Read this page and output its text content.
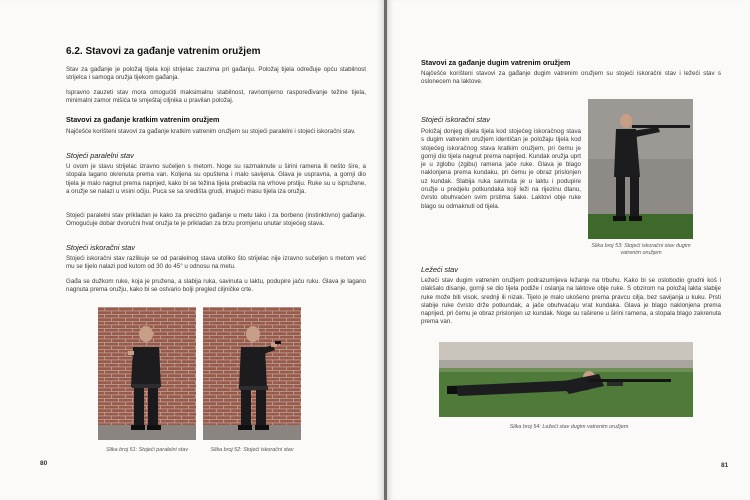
6.2. Stavovi za gađanje vatrenim oružjem
Stav za gađanje je položaj tijela koji strijelac zauzima pri gađanju. Položaj tijela određuje opću stabilnost strijelca i samoga oružja tijekom gađanja.
Ispravno zauzeti stav mora omogućiti maksimalnu stabilnost, ravnomjerno raspoređivanje težine tijela, minimalni zamor mišića te smještaj ciljnika u pravilan položaj.
Stavovi za gađanje kratkim vatrenim oružjem
Najčešće korišteni stavovi za gađanje kratkim vatrenim oružjem su stojeći paralelni i stojeći iskoračni stav.
Stojeći paralelni stav
U ovom je stavu strijelac izravno sučeljen s metom. Noge su razmaknute u širini ramena ili nešto šire, a stopala lagano okrenuta prema van. Koljena su opuštena i malo savijena. Glava je uspravna, a gornji dio tijela je malo nagnut prema naprijed, kako bi se težina tijela prebacila na vrhove prstiju. Ruke su u ispružene, a oružje se nalazi u visini očiju. Puca se sa središta grudi, imajući masu tijela iza oružja.
Stojeći paralelni stav prikladan je kako za precizno gađanje u metu tako i za borbeno (instinktivno) gađanje. Omogućuje dobar dvoručni hvat oružja te je prikladan za brzu promjenu unutar stojećeg stava.
Stojeći iskoračni stav
Stojeći iskoračni stav razlikuje se od paralelnog stava utoliko što strijelac nije izravno sučeljen s metom već mu se tijelo nalazi pod kutom od 30 do 45° u odnosu na metu.
Gađa se dužkom ruke, koja je pružena, a slabija ruka, savinuta u laktu, podupire jaču ruku. Glava je lagano nagnuta prema oružju, kako bi se ostvario bolji pregled ciljničke crte.
Slika broj 51: Stojeći paralelni stav	Slika broj 52: Stojeći iskoračni stav
80
Stavovi za gađanje dugim vatrenim oružjem
Najčešće korišteni stavovi za gađanje dugim vatrenim oružjem su stojeći iskoračni stav i ležeći stav s oslonecem na laktove.
Stojeći iskoračni stav
Položaj donjeg dijela tijela kod stojećeg iskoračnog stava s dugim vatrenim oružjem identičan je položaju tijela kod stojećeg iskoračnog stava kratkim oružjem, pri čemu je gornji dio tijela nagnut prema naprijed. Kundak oružja uprt je u zglobu (zgibu) ramena jače ruke. Glava je blago naklonjena prema kundaku, pri čemu je obraz prislonjen uz kundak. Slabija ruka savinuta je u laktu i podupire oružje u predjelu potkundaka koji leži na rijezinu dlanu, čvrsto obuhvaćen svim prstima šake. Laktovi obje ruke blago su odmaknuti od tijela.
Slika broj 53: Stojeći iskoračni stav dugim vatrenim oružjem
Ležeći stav
Ležeći stav dugim vatrenim oružjem podrazumijeva ležanje na trbuhu. Kako bi se oslobodio grudni koš i olakšalo disanje, gornji se dio tijela podiže i oslanja na laktove obje ruke. S obzirom na položaj lakta slabije ruke može biti visok, srednji ili nizak. Tijelo je malo ukošeno prema pravcu cilja, bez savijanja u kuku. Prsti slabije ruke čvrsto drže potkundak, a jače obuhvaćaju vrat kundaka. Glava je blago naklonjena prema naprijed, pri čemu je obraz prislonjen uz kundak. Noge su raširene u širini ramena, a stopala blago zakrenuta prema van.
Slika broj 54: Ležeći stav dugim vatrenim oružjem
81
